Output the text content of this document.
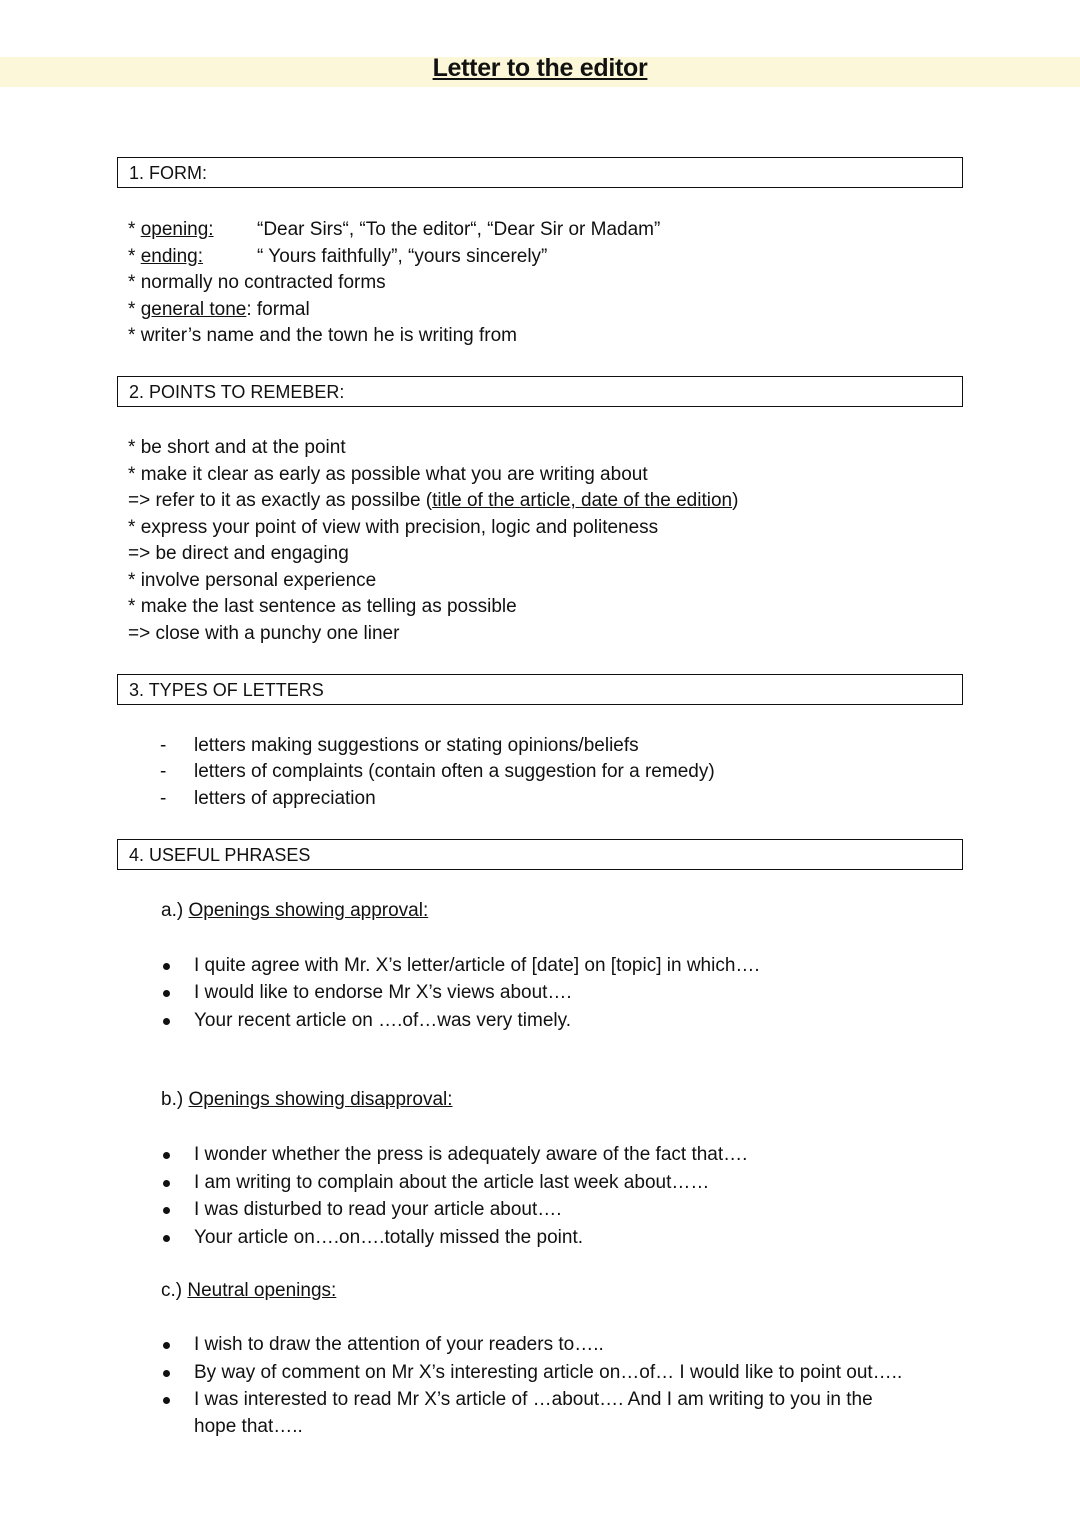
Letter to the editor
1. FORM:
* opening: “Dear Sirs“, “To the editor“, “Dear Sir or Madam”
* ending:	“ Yours faithfully”, “yours sincerely”
* normally no contracted forms
* general tone: formal
* writer’s name and the town he is writing from
2. POINTS TO REMEBER:
* be short and at the point
* make it clear as early as possible what you are writing about
=> refer to it as exactly as possilbe (title of the article, date of the edition)
* express your point of view with precision, logic and politeness
=> be direct and engaging
* involve personal experience
* make the last sentence as telling as possible
=> close with a punchy one liner
3. TYPES OF LETTERS
- letters making suggestions or stating opinions/beliefs
- letters of complaints (contain often a suggestion for a remedy)
- letters of appreciation
4. USEFUL PHRASES
a.) Openings showing approval:
I quite agree with Mr. X’s letter/article of [date] on [topic] in which….
I would like to endorse Mr X’s views about….
Your recent article on ….of…was very timely.
b.) Openings showing disapproval:
I wonder whether the press is adequately aware of the fact that….
I am writing to complain about the article last week about……
I was disturbed to read your article about….
Your article on….on….totally missed the point.
c.) Neutral openings:
I wish to draw the attention of your readers to…..
By way of comment on Mr X’s interesting article on…of… I would like to point out…..
I was interested to read Mr X’s article of …about…. And I am writing to you in the
hope that…..
